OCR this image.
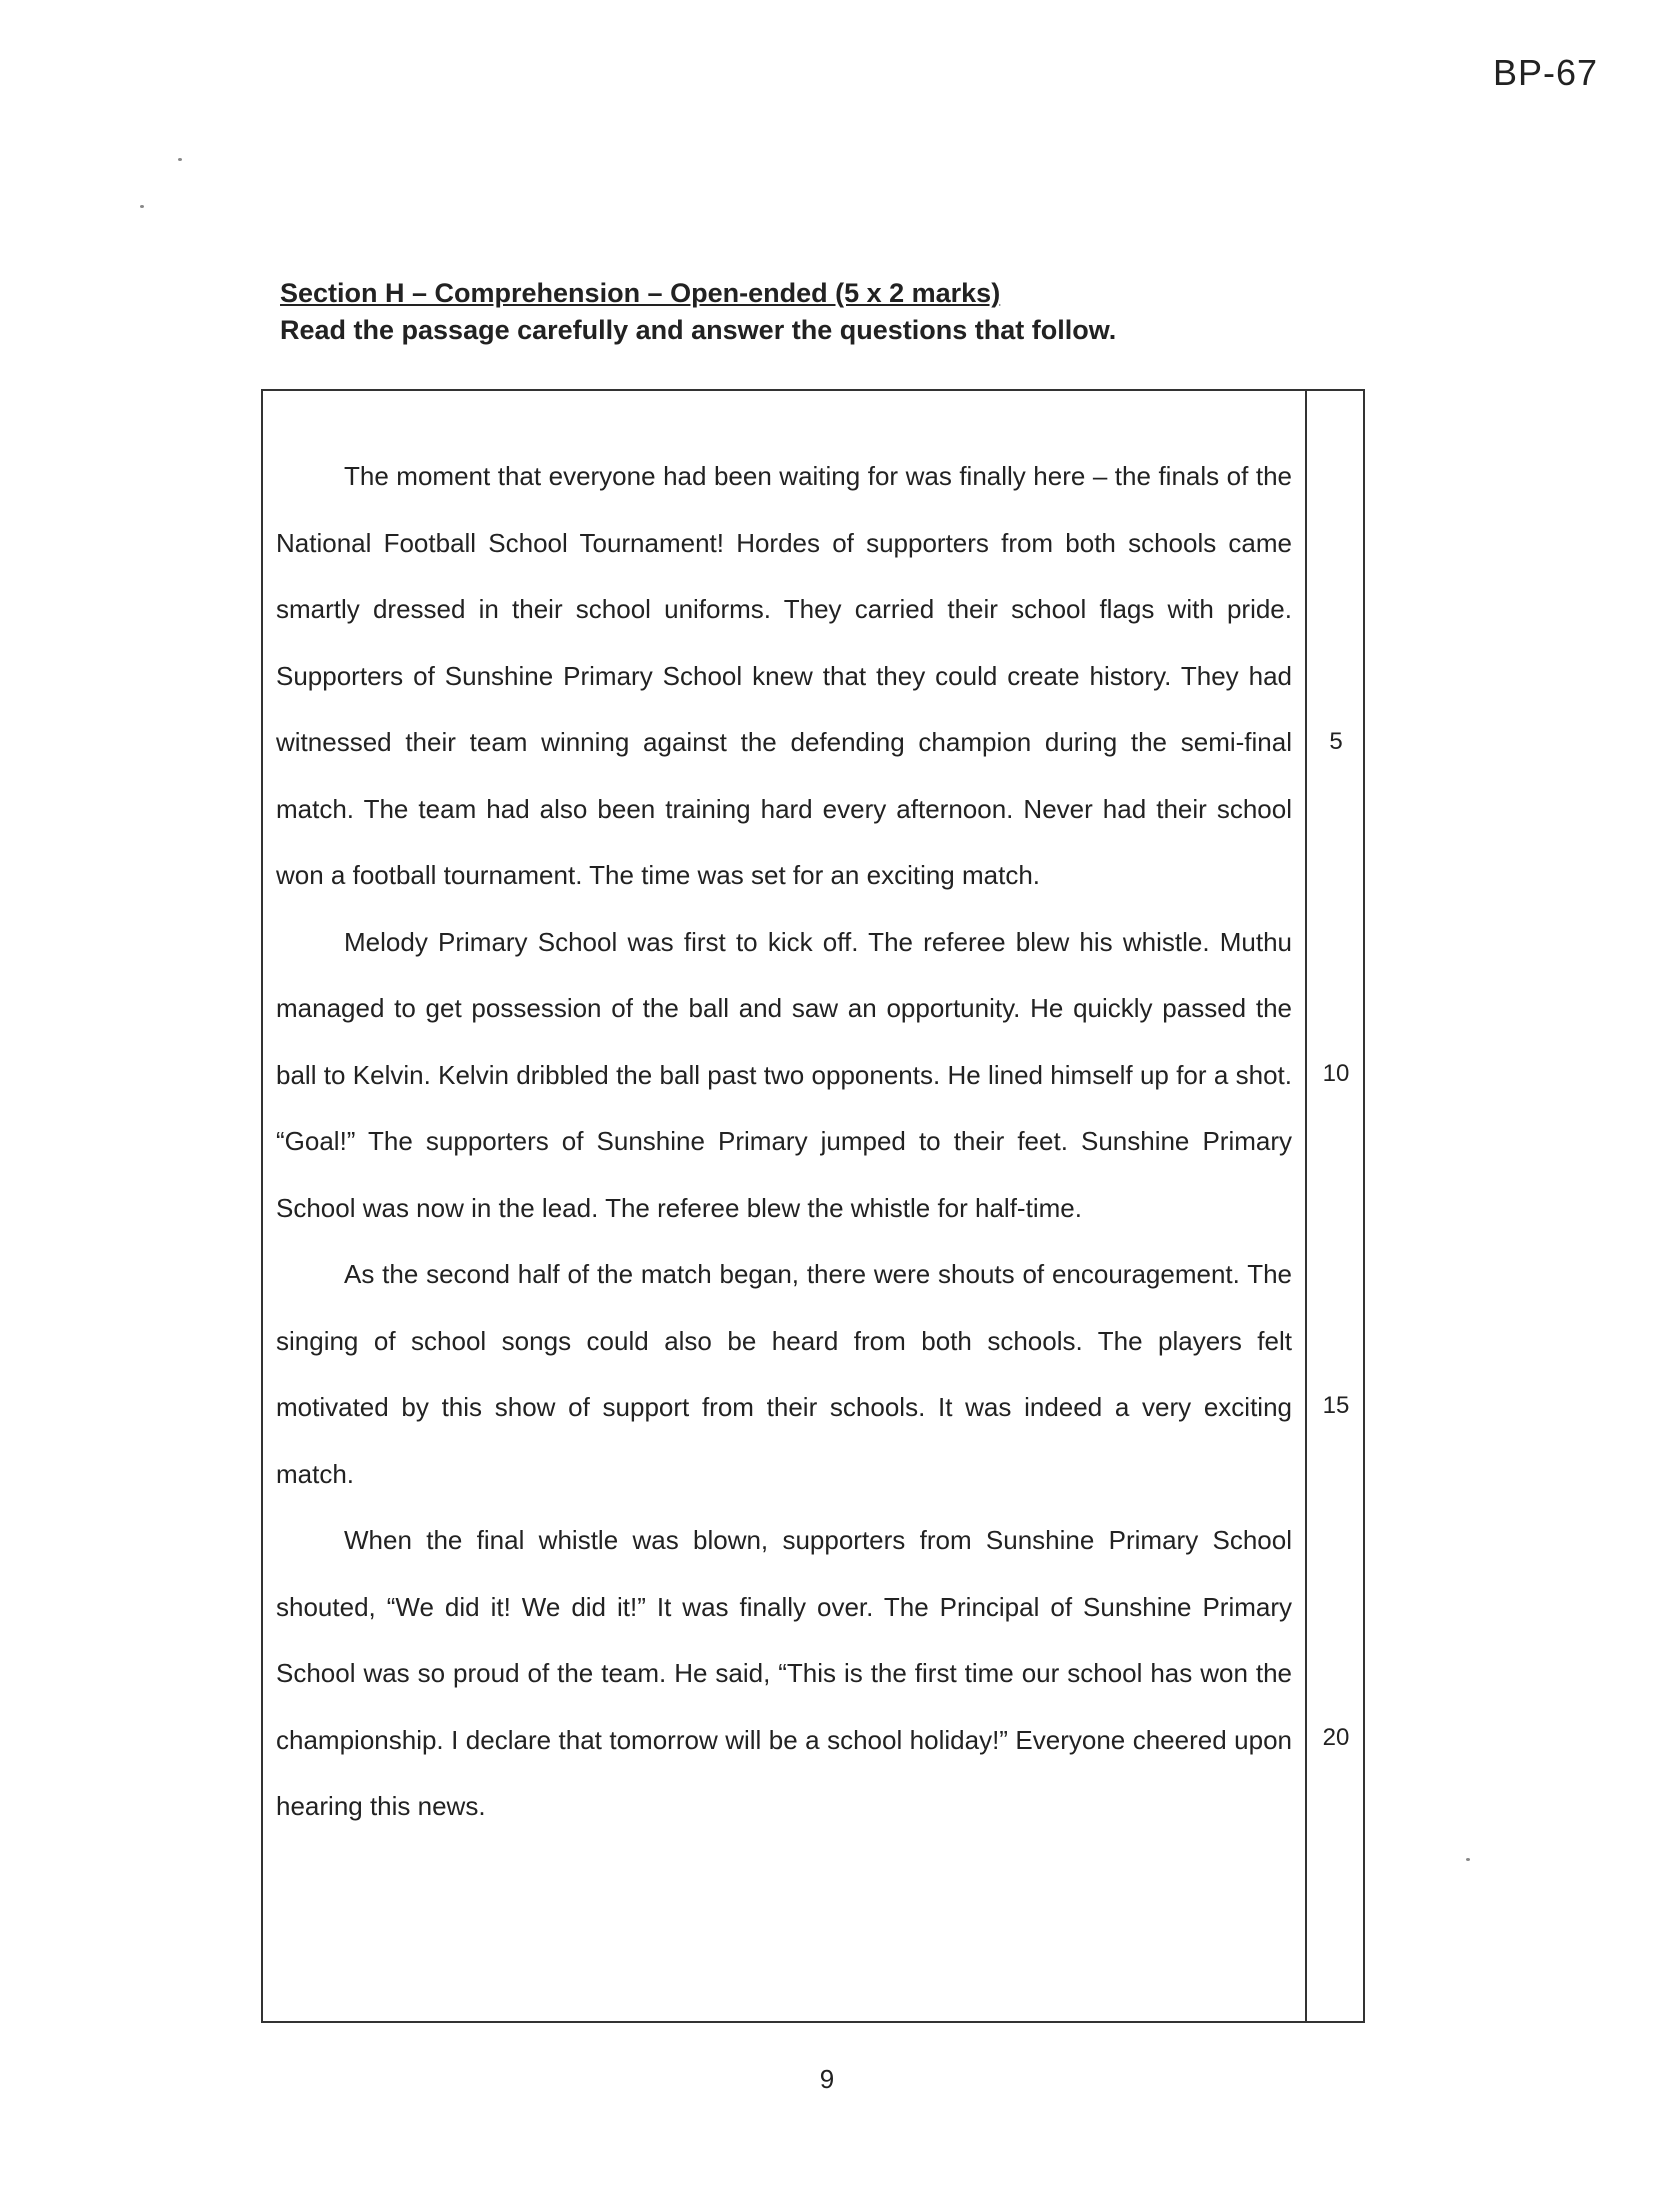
BP-67
Section H – Comprehension – Open-ended (5 x 2 marks)
Read the passage carefully and answer the questions that follow.

The moment that everyone had been waiting for was finally here – the finals of the National Football School Tournament! Hordes of supporters from both schools came smartly dressed in their school uniforms. They carried their school flags with pride. Supporters of Sunshine Primary School knew that they could create history. They had witnessed their team winning against the defending champion during the semi-final match. The team had also been training hard every afternoon. Never had their school won a football tournament. The time was set for an exciting match.

Melody Primary School was first to kick off. The referee blew his whistle. Muthu managed to get possession of the ball and saw an opportunity. He quickly passed the ball to Kelvin. Kelvin dribbled the ball past two opponents. He lined himself up for a shot. “Goal!” The supporters of Sunshine Primary jumped to their feet. Sunshine Primary School was now in the lead. The referee blew the whistle for half-time.

As the second half of the match began, there were shouts of encouragement. The singing of school songs could also be heard from both schools. The players felt motivated by this show of support from their schools. It was indeed a very exciting match.

When the final whistle was blown, supporters from Sunshine Primary School shouted, “We did it! We did it!” It was finally over. The Principal of Sunshine Primary School was so proud of the team. He said, “This is the first time our school has won the championship. I declare that tomorrow will be a school holiday!” Everyone cheered upon hearing this news.

5
10
15
20
9
